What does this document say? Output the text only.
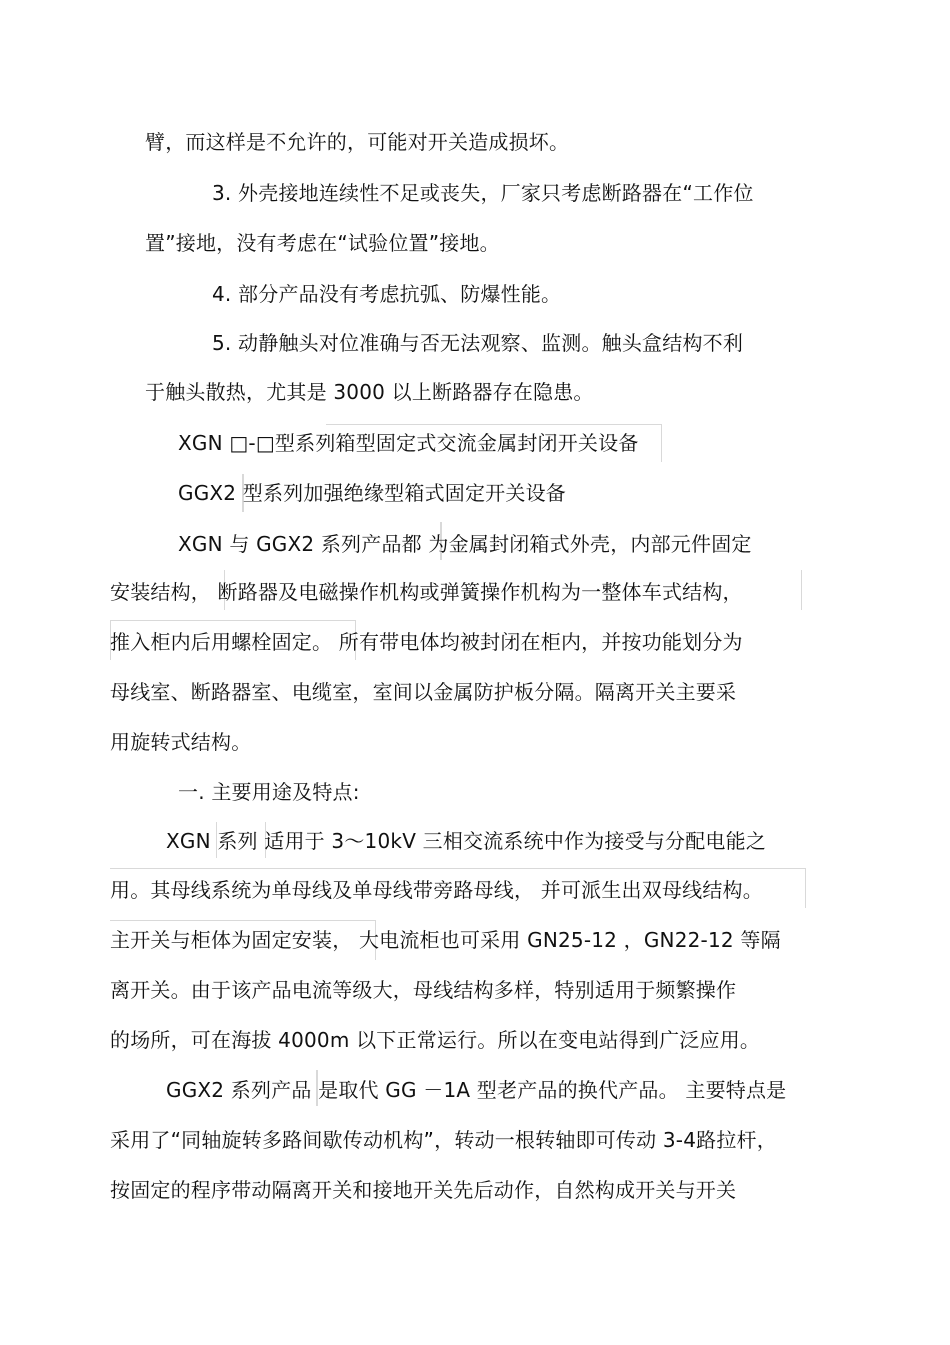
臂，而这样是不允许的，可能对开关造成损坏。
3. 外壳接地连续性不足或丧失，厂家只考虑断路器在“工作位
置”接地，没有考虑在“试验位置”接地。
4. 部分产品没有考虑抗弧、防爆性能。
5. 动静触头对位准确与否无法观察、监测。触头盒结构不利
于触头散热，尤其是 3000 以上断路器存在隐患。
XGN □-□型系列箱型固定式交流金属封闭开关设备
GGX2 型系列加强绝缘型箱式固定开关设备
XGN 与 GGX2 系列产品都 为金属封闭箱式外壳，内部元件固定
安装结构， 断路器及电磁操作机构或弹簧操作机构为一整体车式结构，
推入柜内后用螺栓固定。 所有带电体均被封闭在柜内，并按功能划分为
母线室、断路器室、电缆室，室间以金属防护板分隔。隔离开关主要采
用旋转式结构。
一. 主要用途及特点:
XGN 系列 适用于 3～10kV 三相交流系统中作为接受与分配电能之
用。其母线系统为单母线及单母线带旁路母线， 并可派生出双母线结构。
主开关与柜体为固定安装， 大电流柜也可采用 GN25-12 ，GN22-12 等隔
离开关。由于该产品电流等级大，母线结构多样，特别适用于频繁操作
的场所，可在海拔 4000m 以下正常运行。所以在变电站得到广泛应用。
GGX2 系列产品 是取代 GG －1A 型老产品的换代产品。 主要特点是
采用了“同轴旋转多路间歇传动机构”，转动一根转轴即可传动 3-4路拉杆，
按固定的程序带动隔离开关和接地开关先后动作，自然构成开关与开关
